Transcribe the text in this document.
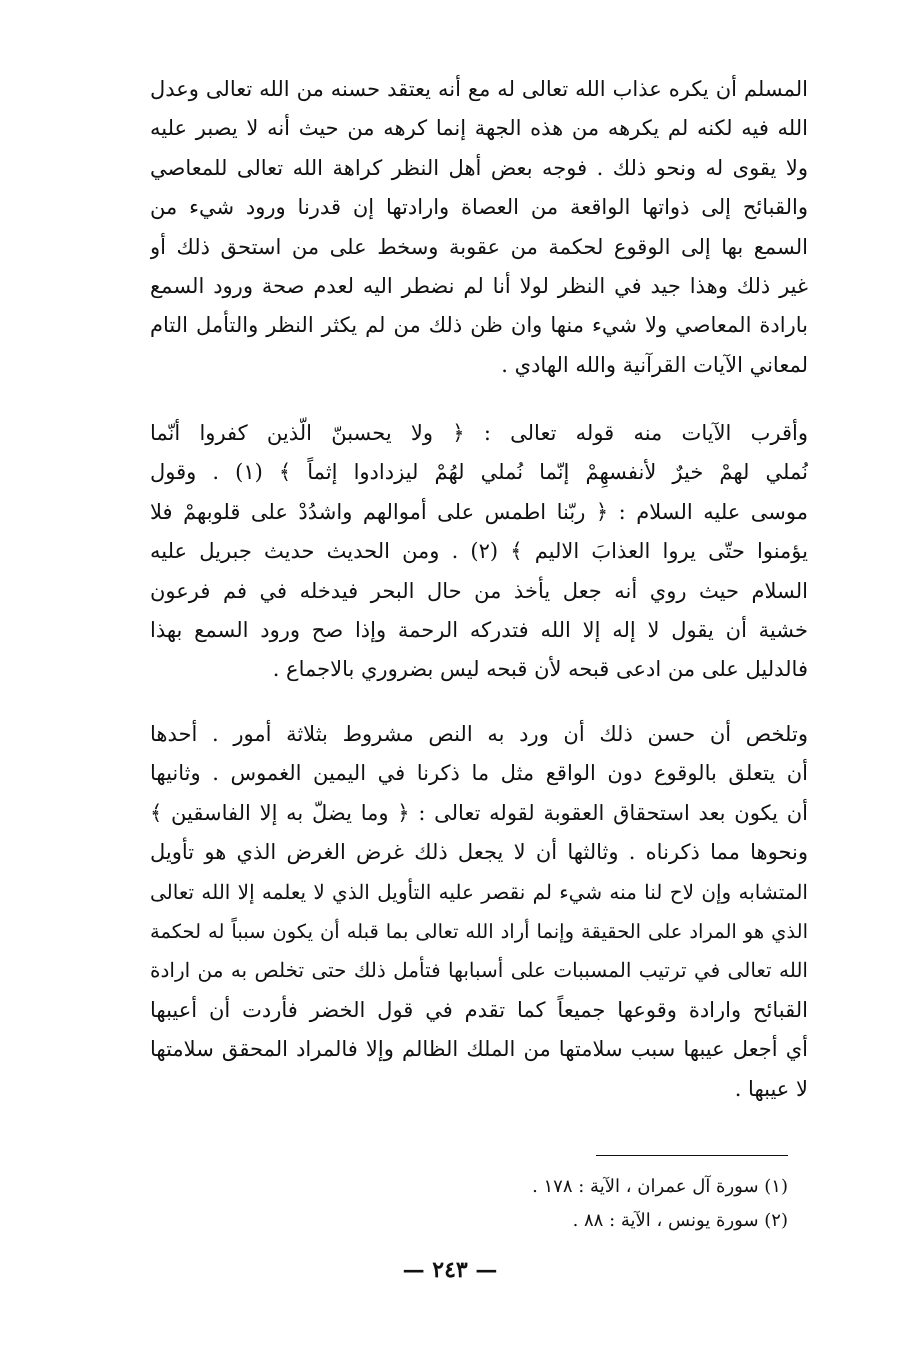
المسلم أن يكره عذاب الله تعالى له مع أنه يعتقد حسنه من الله تعالى وعدل
الله فيه لكنه لم يكرهه من هذه الجهة إنما كرهه من حيث أنه لا يصبر عليه
ولا يقوى له ونحو ذلك . فوجه بعض أهل النظر كراهة الله تعالى للمعاصي
والقبائح إلى ذواتها الواقعة من العصاة وارادتها إن قدرنا ورود شيء من
السمع بها إلى الوقوع لحكمة من عقوبة وسخط على من استحق ذلك أو
غير ذلك وهذا جيد في النظر لولا أنا لم نضطر اليه لعدم صحة ورود السمع
بارادة المعاصي ولا شيء منها وان ظن ذلك من لم يكثر النظر والتأمل التام
لمعاني الآيات القرآنية والله الهادي .
وأقرب الآيات منه قوله تعالى : ﴿ ولا يحسبنّ الّذين كفروا أنّما
نُملي لهمْ خيرٌ لأنفسهِمْ إنّما نُملي لهُمْ ليزدادوا إثماً ﴾ (١) . وقول
موسى عليه السلام : ﴿ ربّنا اطمس على أموالهم واشدُدْ على قلوبهمْ فلا
يؤمنوا حتّى يروا العذابَ الاليم ﴾ (٢) . ومن الحديث حديث جبريل عليه
السلام حيث روي أنه جعل يأخذ من حال البحر فيدخله في فم فرعون
خشية أن يقول لا إله إلا الله فتدركه الرحمة وإذا صح ورود السمع بهذا
فالدليل على من ادعى قبحه لأن قبحه ليس بضروري بالاجماع .
وتلخص أن حسن ذلك أن ورد به النص مشروط بثلاثة أمور . أحدها
أن يتعلق بالوقوع دون الواقع مثل ما ذكرنا في اليمين الغموس . وثانيها
أن يكون بعد استحقاق العقوبة لقوله تعالى : ﴿ وما يضلّ به إلا الفاسقين ﴾
ونحوها مما ذكرناه . وثالثها أن لا يجعل ذلك غرض الغرض الذي هو تأويل
المتشابه وإن لاح لنا منه شيء لم نقصر عليه التأويل الذي لا يعلمه إلا الله تعالى
الذي هو المراد على الحقيقة وإنما أراد الله تعالى بما قبله أن يكون سبباً له لحكمة
الله تعالى في ترتيب المسببات على أسبابها فتأمل ذلك حتى تخلص به من ارادة
القبائح وارادة وقوعها جميعاً كما تقدم في قول الخضر فأردت أن أعيبها
أي أجعل عيبها سبب سلامتها من الملك الظالم وإلا فالمراد المحقق سلامتها
لا عيبها .
(١) سورة آل عمران ، الآية : ١٧٨ .
(٢) سورة يونس ، الآية : ٨٨ .
— ٢٤٣ —
